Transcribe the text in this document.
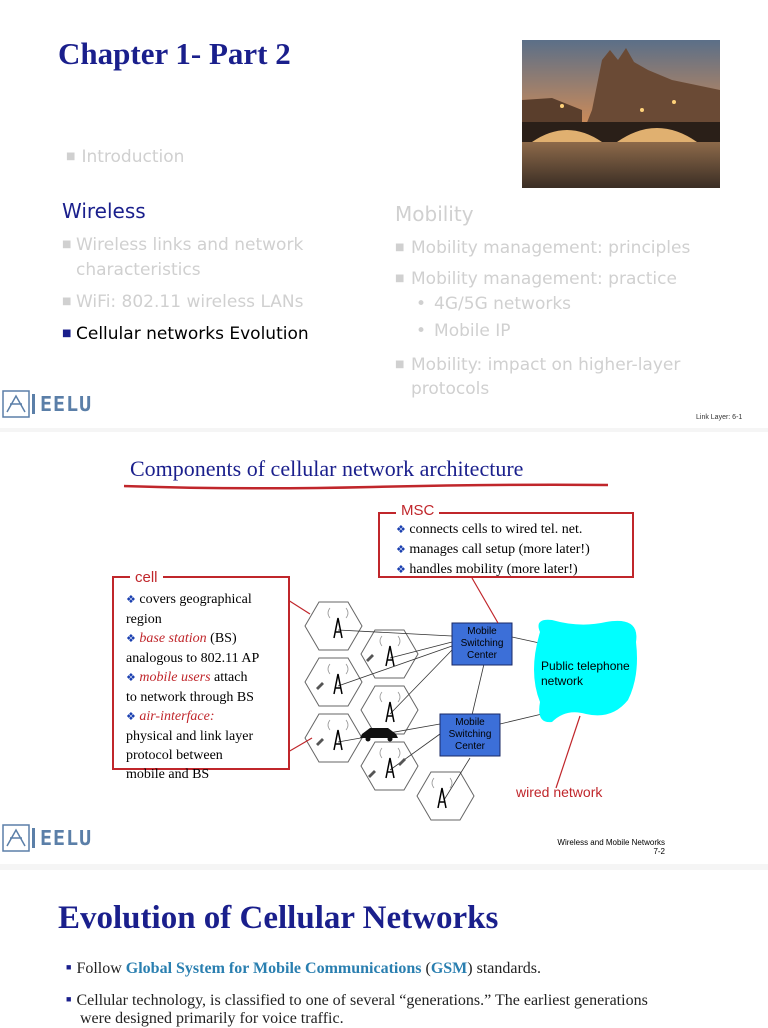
Chapter 1- Part 2
■ Introduction
Wireless
■ Wireless links and network
characteristics
■ WiFi: 802.11 wireless LANs
■ Cellular networks Evolution
Mobility
■ Mobility management: principles
■ Mobility management: practice
• 4G/5G networks
• Mobile IP
■ Mobility: impact on higher-layer
protocols
EELU
Link Layer: 6-1
Components of cellular network architecture
Mobile
Switching
Center
Mobile
Switching
Center
Public telephone
network
wired network
❖ connects cells to wired tel. net.
❖ manages call setup (more later!)
❖ handles mobility (more later!)
MSC
❖ covers geographical
region
❖ base station (BS)
analogous to 802.11 AP
❖ mobile users attach
to network through BS
❖ air-interface:
physical and link layer
protocol between
mobile and BS
cell
EELU	Wireless and Mobile Networks
7-2
Evolution of Cellular Networks
■ Follow Global System for Mobile Communications (GSM) standards.
■ Cellular technology, is classified to one of several “generations.” The earliest generations
were designed primarily for voice traffic.
